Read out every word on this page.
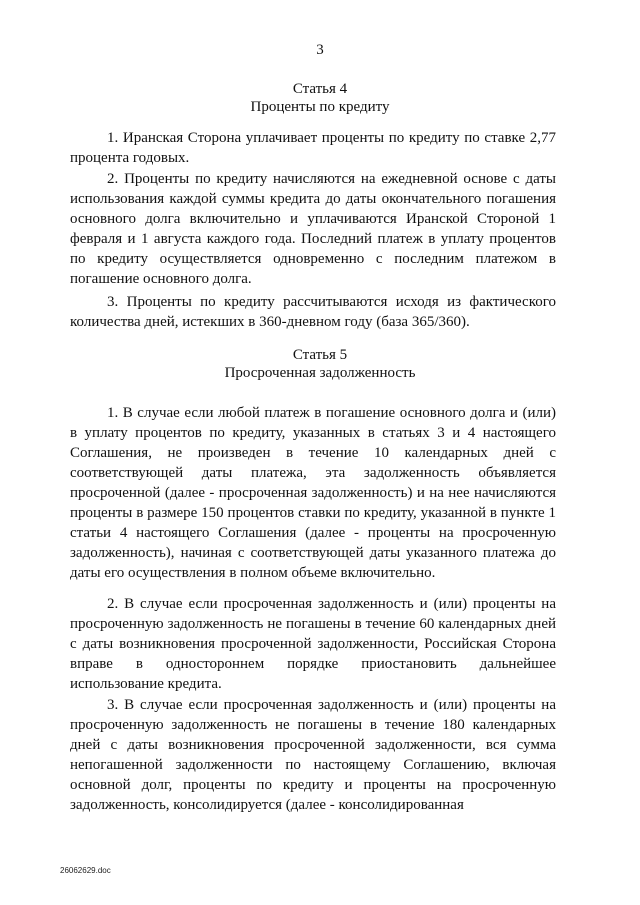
3
Статья 4
Проценты по кредиту

1. Иранская Сторона уплачивает проценты по кредиту по ставке 2,77 процента годовых.

2. Проценты по кредиту начисляются на ежедневной основе с даты использования каждой суммы кредита до даты окончательного погашения основного долга включительно и уплачиваются Иранской Стороной 1 февраля и 1 августа каждого года. Последний платеж в уплату процентов по кредиту осуществляется одновременно с последним платежом в погашение основного долга.

3. Проценты по кредиту рассчитываются исходя из фактического количества дней, истекших в 360-дневном году (база 365/360).

Статья 5
Просроченная задолженность

1. В случае если любой платеж в погашение основного долга и (или) в уплату процентов по кредиту, указанных в статьях 3 и 4 настоящего Соглашения, не произведен в течение 10 календарных дней с соответствующей даты платежа, эта задолженность объявляется просроченной (далее - просроченная задолженность) и на нее начисляются проценты в размере 150 процентов ставки по кредиту, указанной в пункте 1 статьи 4 настоящего Соглашения (далее - проценты на просроченную задолженность), начиная с соответствующей даты указанного платежа до даты его осуществления в полном объеме включительно.

2. В случае если просроченная задолженность и (или) проценты на просроченную задолженность не погашены в течение 60 календарных дней с даты возникновения просроченной задолженности, Российская Сторона вправе в одностороннем порядке приостановить дальнейшее использование кредита.

3. В случае если просроченная задолженность и (или) проценты на просроченную задолженность не погашены в течение 180 календарных дней с даты возникновения просроченной задолженности, вся сумма непогашенной задолженности по настоящему Соглашению, включая основной долг, проценты по кредиту и проценты на просроченную задолженность, консолидируется (далее - консолидированная

26062629.doc
